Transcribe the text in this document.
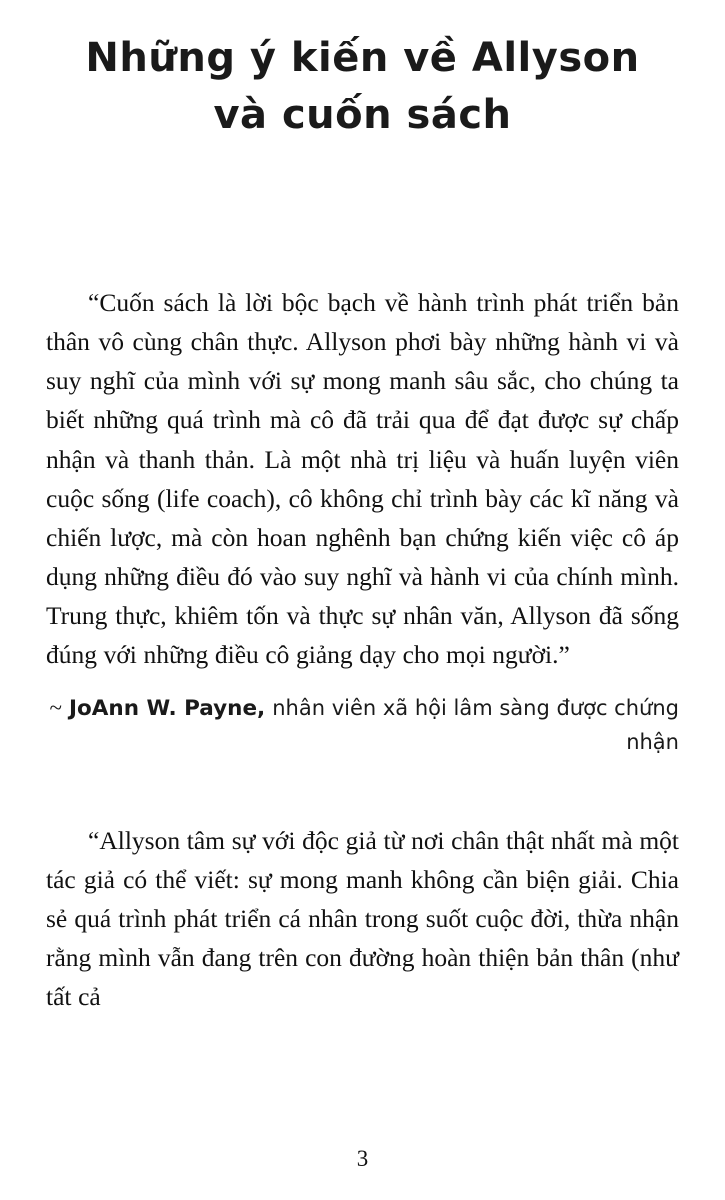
Những ý kiến về Allyson
và cuốn sách

“Cuốn sách là lời bộc bạch về hành trình phát triển bản thân vô cùng chân thực. Allyson phơi bày những hành vi và suy nghĩ của mình với sự mong manh sâu sắc, cho chúng ta biết những quá trình mà cô đã trải qua để đạt được sự chấp nhận và thanh thản. Là một nhà trị liệu và huấn luyện viên cuộc sống (life coach), cô không chỉ trình bày các kĩ năng và chiến lược, mà còn hoan nghênh bạn chứng kiến việc cô áp dụng những điều đó vào suy nghĩ và hành vi của chính mình. Trung thực, khiêm tốn và thực sự nhân văn, Allyson đã sống đúng với những điều cô giảng dạy cho mọi người.”

~ JoAnn W. Payne, nhân viên xã hội lâm sàng được chứng nhận

“Allyson tâm sự với độc giả từ nơi chân thật nhất mà một tác giả có thể viết: sự mong manh không cần biện giải. Chia sẻ quá trình phát triển cá nhân trong suốt cuộc đời, thừa nhận rằng mình vẫn đang trên con đường hoàn thiện bản thân (như tất cả

3
